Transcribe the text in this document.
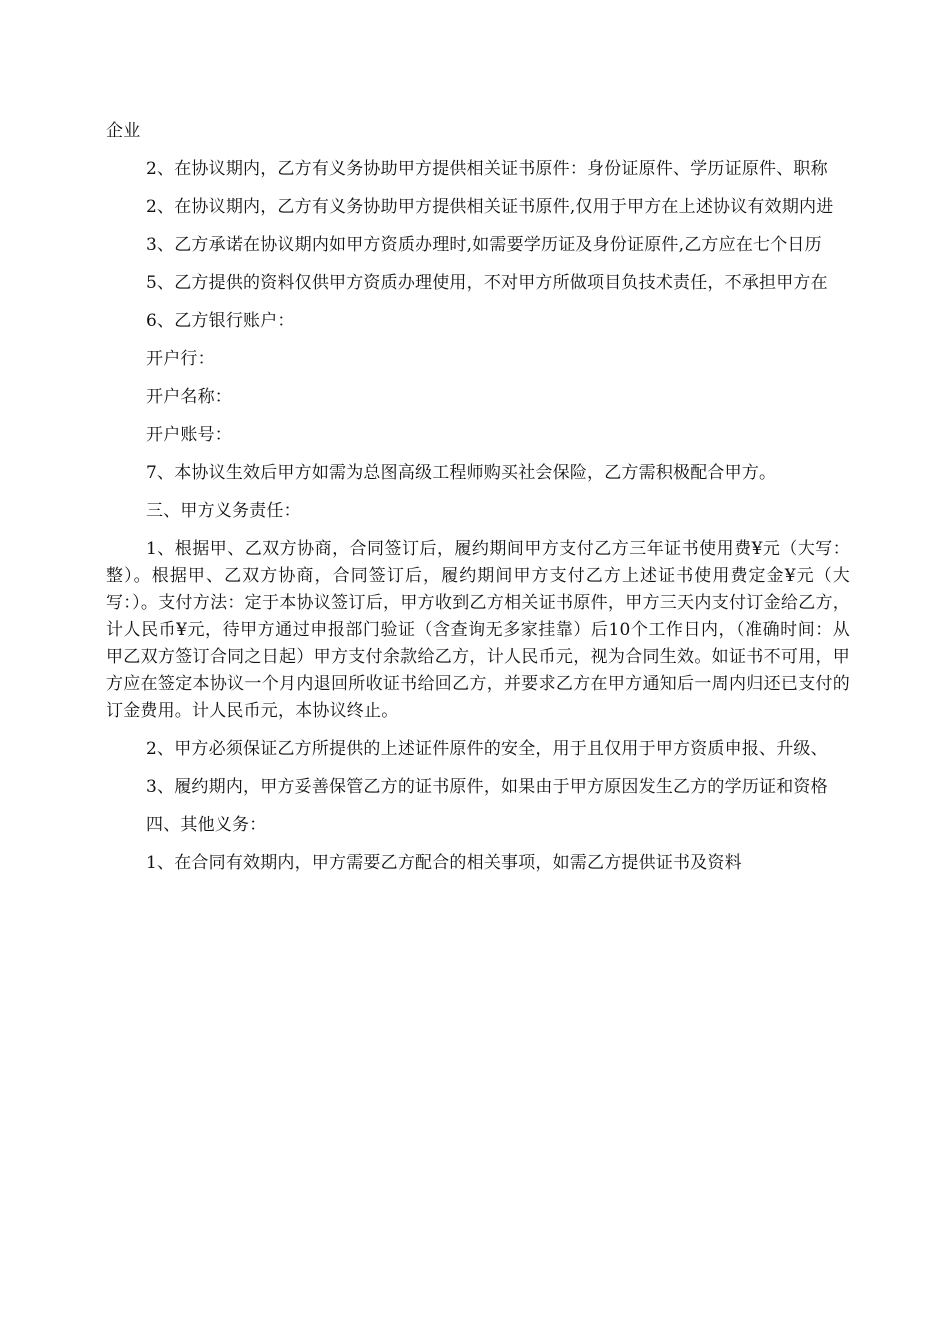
企业

2、在协议期内，乙方有义务协助甲方提供相关证书原件：身份证原件、学历证原件、职称

2、在协议期内，乙方有义务协助甲方提供相关证书原件,仅用于甲方在上述协议有效期内进

3、乙方承诺在协议期内如甲方资质办理时,如需要学历证及身份证原件,乙方应在七个日历

5、乙方提供的资料仅供甲方资质办理使用，不对甲方所做项目负技术责任，不承担甲方在

6、乙方银行账户：

开户行：

开户名称：

开户账号：

7、本协议生效后甲方如需为总图高级工程师购买社会保险，乙方需积极配合甲方。

三、甲方义务责任：

1、根据甲、乙双方协商，合同签订后，履约期间甲方支付乙方三年证书使用费¥元（大写：整）。根据甲、乙双方协商，合同签订后，履约期间甲方支付乙方上述证书使用费定金¥元（大写：）。支付方法：定于本协议签订后，甲方收到乙方相关证书原件，甲方三天内支付订金给乙方，计人民币¥元，待甲方通过申报部门验证（含查询无多家挂靠）后10个工作日内，（准确时间：从甲乙双方签订合同之日起）甲方支付余款给乙方，计人民币元，视为合同生效。如证书不可用，甲方应在签定本协议一个月内退回所收证书给回乙方，并要求乙方在甲方通知后一周内归还已支付的订金费用。计人民币元，本协议终止。

2、甲方必须保证乙方所提供的上述证件原件的安全，用于且仅用于甲方资质申报、升级、

3、履约期内，甲方妥善保管乙方的证书原件，如果由于甲方原因发生乙方的学历证和资格

四、其他义务：

1、在合同有效期内，甲方需要乙方配合的相关事项，如需乙方提供证书及资料
